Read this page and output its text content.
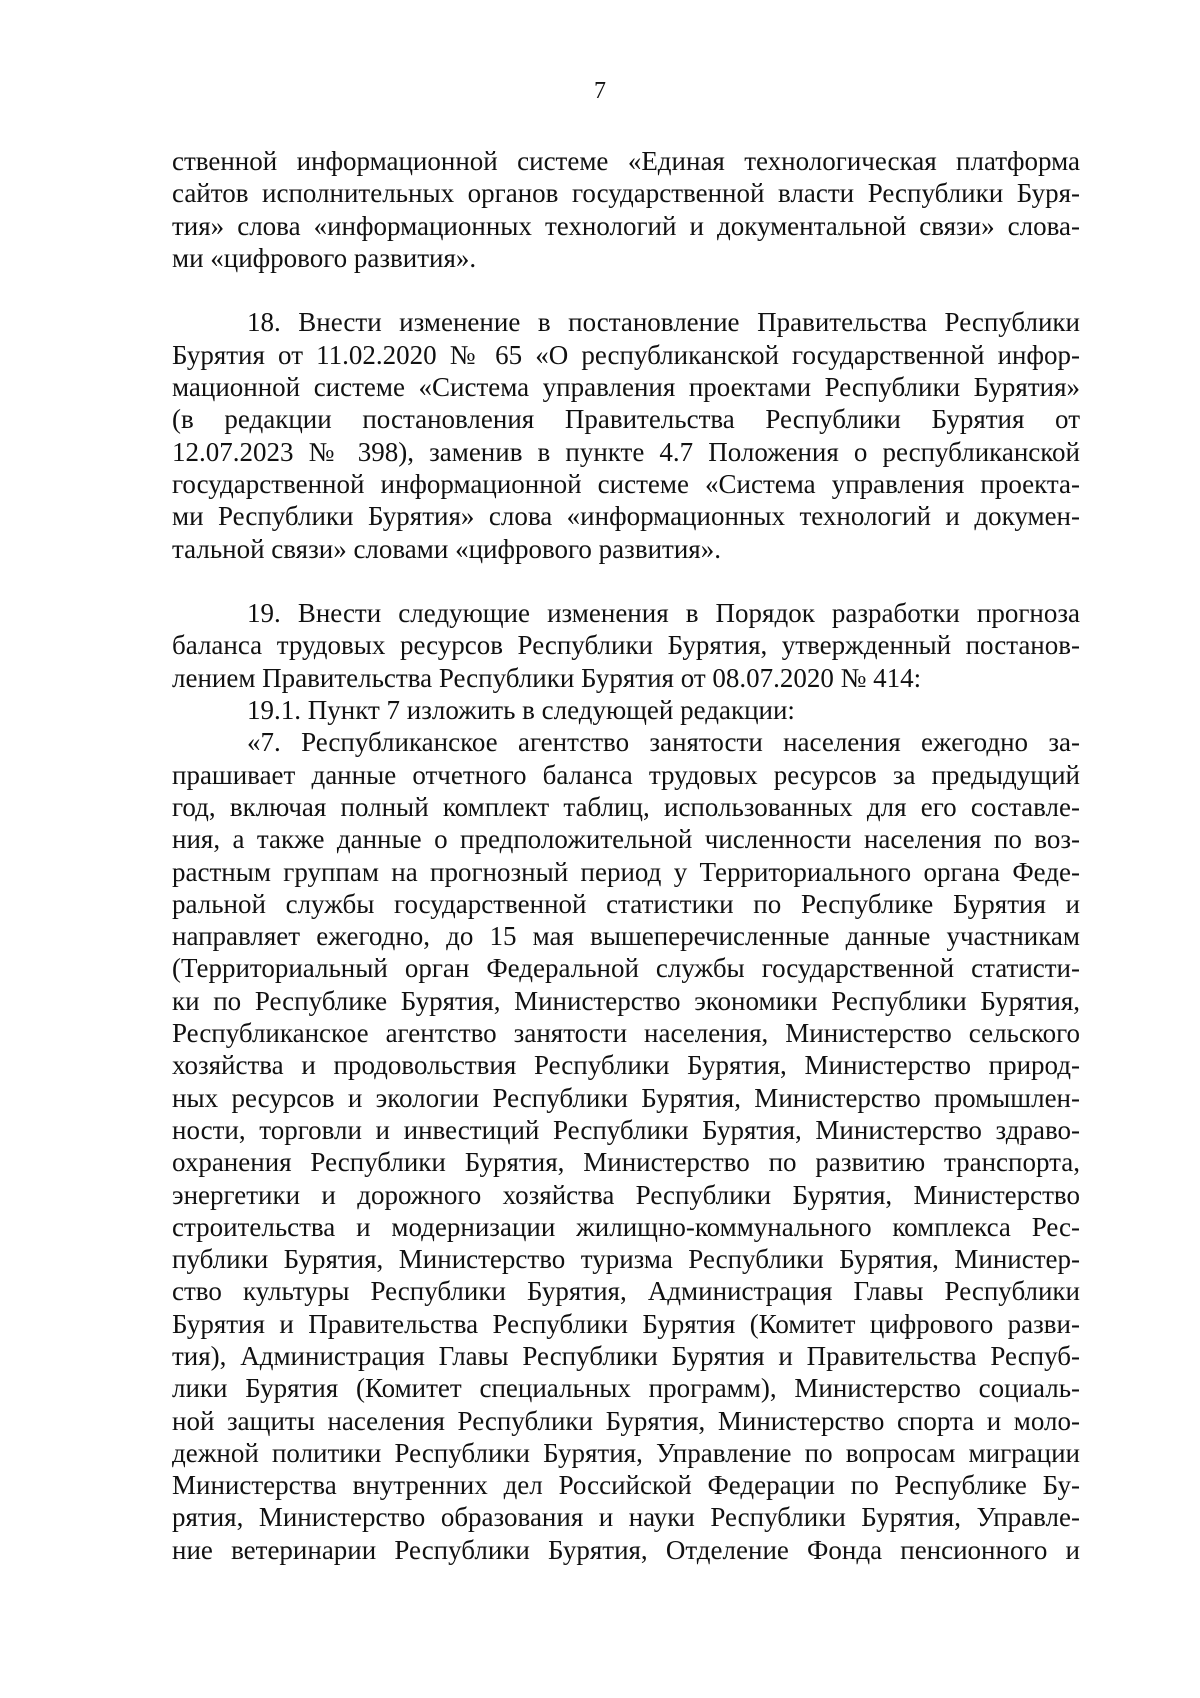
7
ственной информационной системе «Единая технологическая платформа
сайтов исполнительных органов государственной власти Республики Буря-
тия» слова «информационных технологий и документальной связи» слова-
ми «цифрового развития».
18. Внести изменение в постановление Правительства Республики
Бурятия от 11.02.2020 № 65 «О республиканской государственной инфор-
мационной системе «Система управления проектами Республики Бурятия»
(в редакции постановления Правительства Республики Бурятия от
12.07.2023 № 398), заменив в пункте 4.7 Положения о республиканской
государственной информационной системе «Система управления проекта-
ми Республики Бурятия» слова «информационных технологий и докумен-
тальной связи» словами «цифрового развития».
19. Внести следующие изменения в Порядок разработки прогноза
баланса трудовых ресурсов Республики Бурятия, утвержденный постанов-
лением Правительства Республики Бурятия от 08.07.2020 № 414:
19.1. Пункт 7 изложить в следующей редакции:
«7. Республиканское агентство занятости населения ежегодно за-
прашивает данные отчетного баланса трудовых ресурсов за предыдущий
год, включая полный комплект таблиц, использованных для его составле-
ния, а также данные о предположительной численности населения по воз-
растным группам на прогнозный период у Территориального органа Феде-
ральной службы государственной статистики по Республике Бурятия и
направляет ежегодно, до 15 мая вышеперечисленные данные участникам
(Территориальный орган Федеральной службы государственной статисти-
ки по Республике Бурятия, Министерство экономики Республики Бурятия,
Республиканское агентство занятости населения, Министерство сельского
хозяйства и продовольствия Республики Бурятия, Министерство природ-
ных ресурсов и экологии Республики Бурятия, Министерство промышлен-
ности, торговли и инвестиций Республики Бурятия, Министерство здраво-
охранения Республики Бурятия, Министерство по развитию транспорта,
энергетики и дорожного хозяйства Республики Бурятия, Министерство
строительства и модернизации жилищно-коммунального комплекса Рес-
публики Бурятия, Министерство туризма Республики Бурятия, Министер-
ство культуры Республики Бурятия, Администрация Главы Республики
Бурятия и Правительства Республики Бурятия (Комитет цифрового разви-
тия), Администрация Главы Республики Бурятия и Правительства Респуб-
лики Бурятия (Комитет специальных программ), Министерство социаль-
ной защиты населения Республики Бурятия, Министерство спорта и моло-
дежной политики Республики Бурятия, Управление по вопросам миграции
Министерства внутренних дел Российской Федерации по Республике Бу-
рятия, Министерство образования и науки Республики Бурятия, Управле-
ние ветеринарии Республики Бурятия, Отделение Фонда пенсионного и
